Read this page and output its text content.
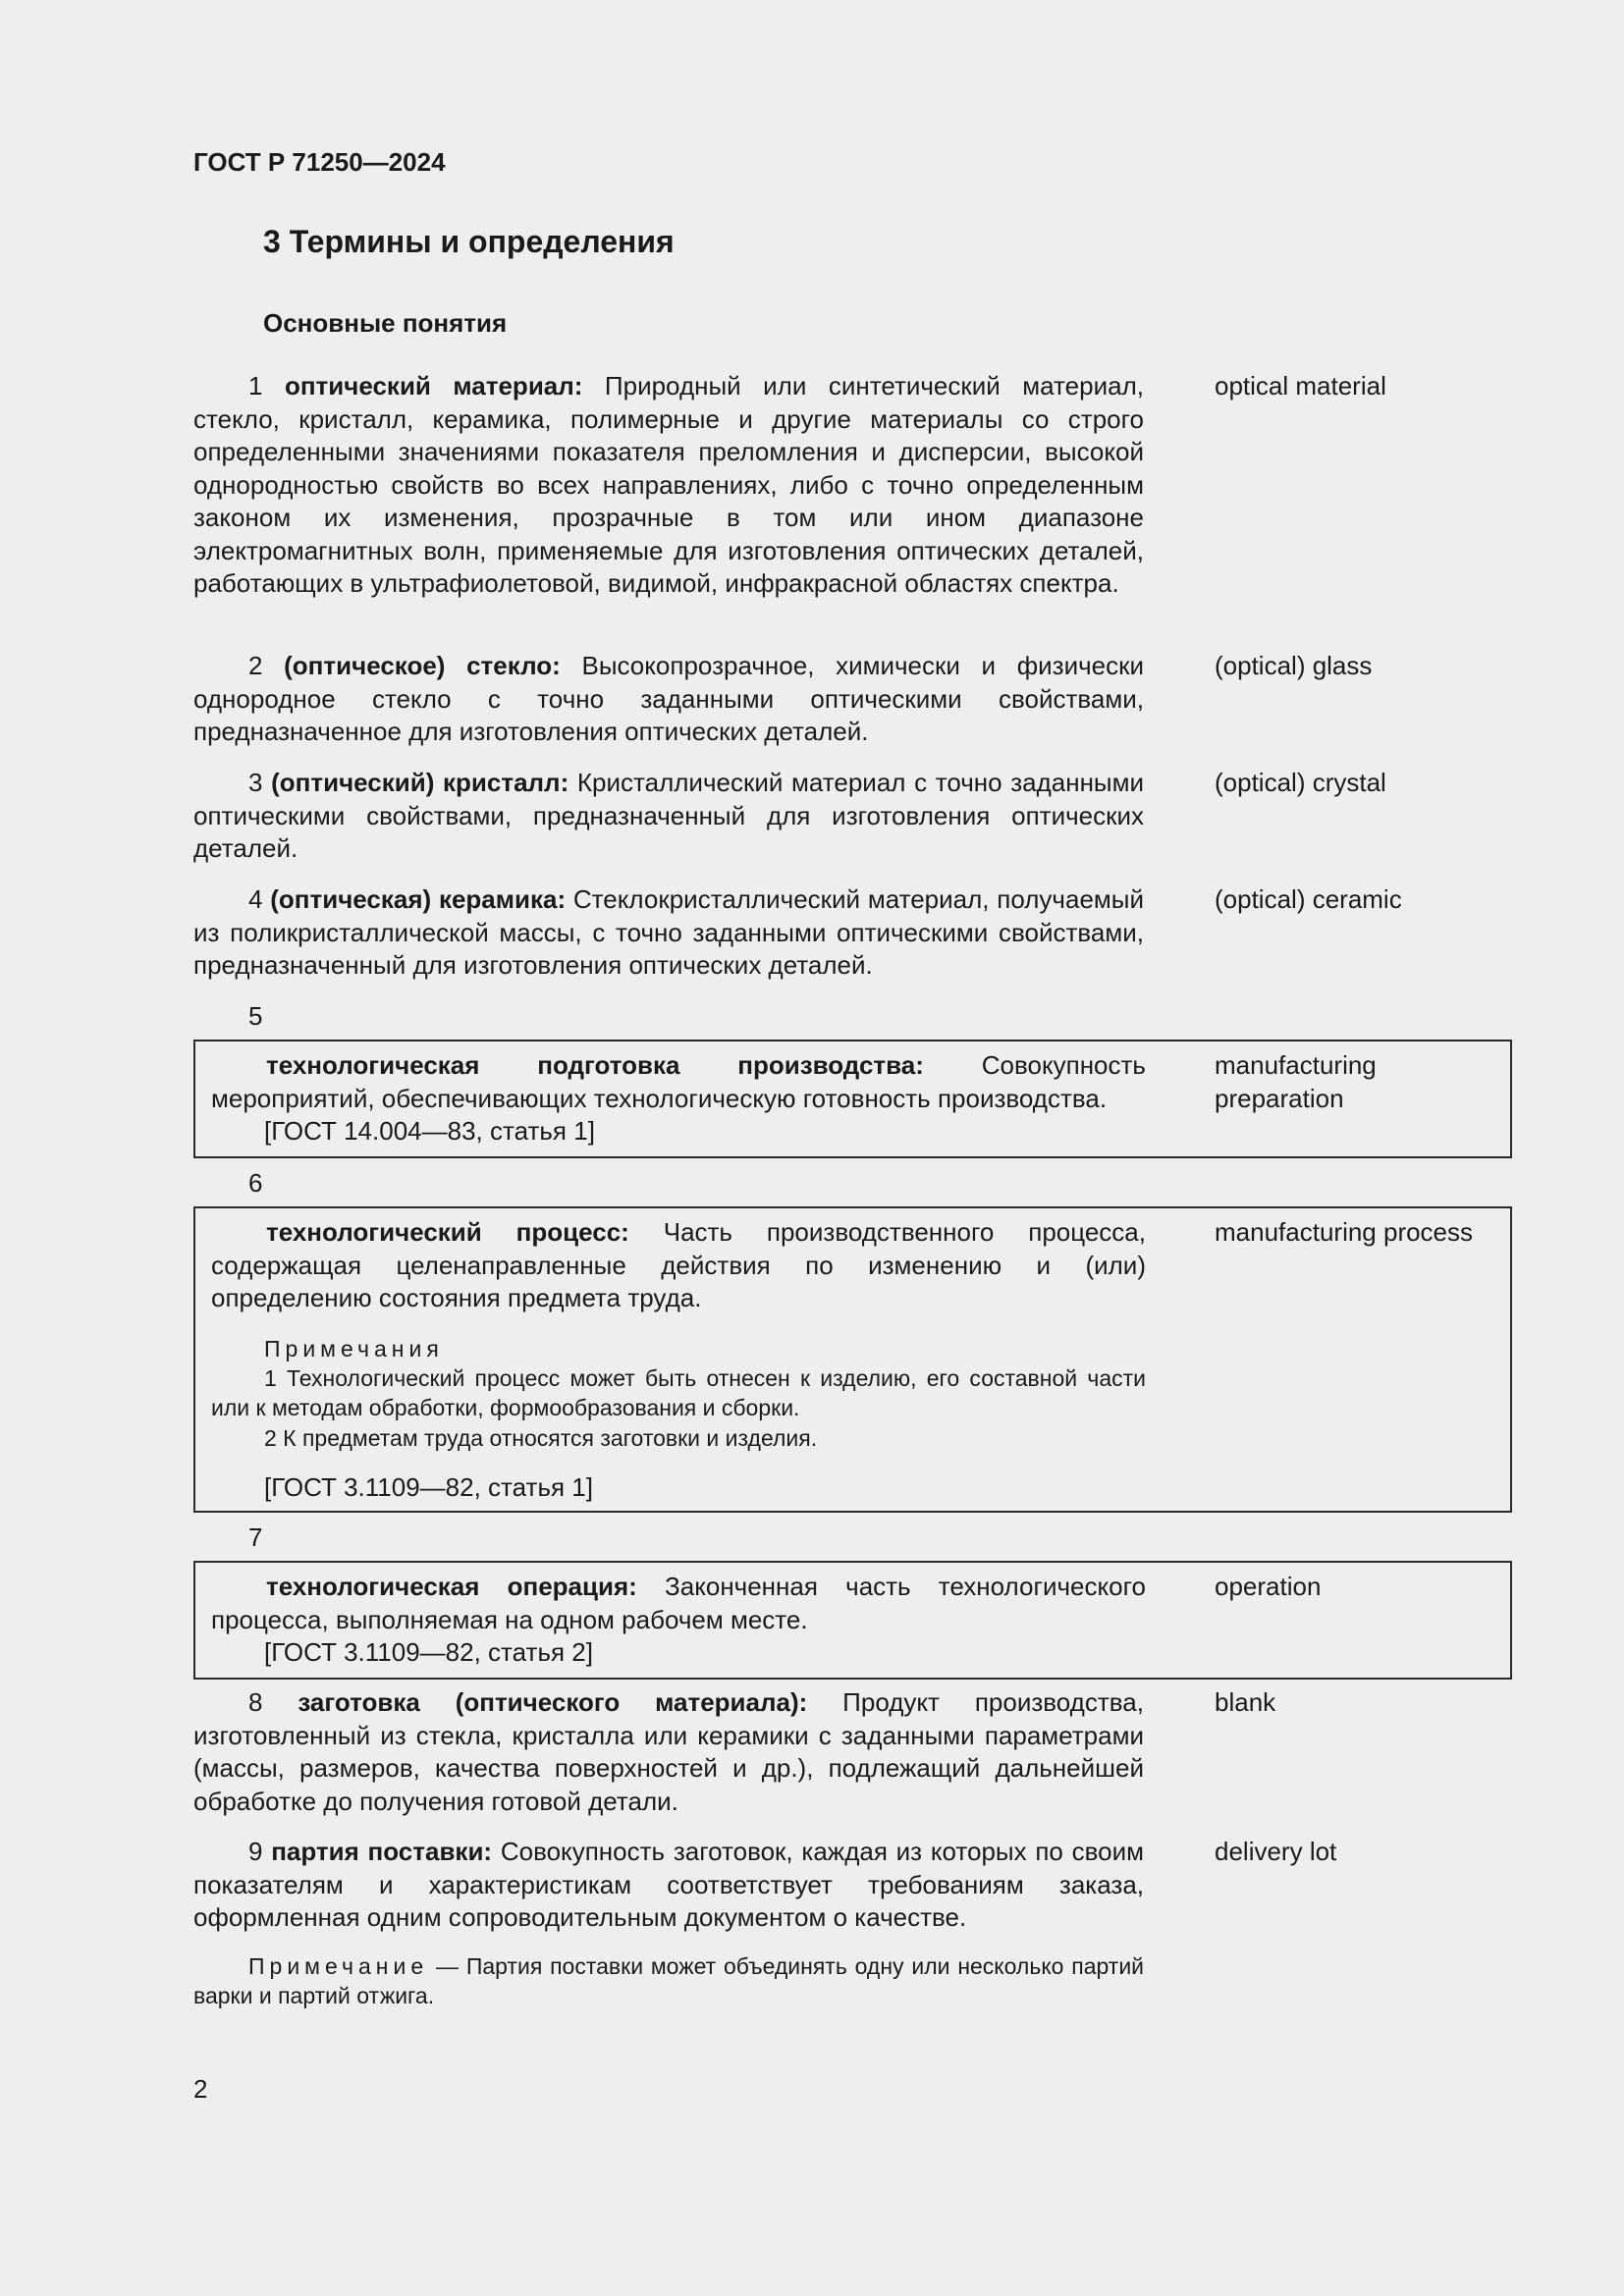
ГОСТ Р 71250—2024
3 Термины и определения
Основные понятия

1 оптический материал: Природный или синтетический материал, стекло, кристалл, керамика, полимерные и другие материалы со строго определенными значениями показателя преломления и дисперсии, высокой однородностью свойств во всех направлениях, либо с точно определенным законом их изменения, прозрачные в том или ином диапазоне электромагнитных волн, применяемые для изготовления оптических деталей, работающих в ультрафиолетовой, видимой, инфракрасной областях спектра.

optical material

2 (оптическое) стекло: Высокопрозрачное, химически и физически однородное стекло с точно заданными оптическими свойствами, предназначенное для изготовления оптических деталей.

(optical) glass

3 (оптический) кристалл: Кристаллический материал с точно заданными оптическими свойствами, предназначенный для изготовления оптических деталей.

(optical) crystal

4 (оптическая) керамика: Стеклокристаллический материал, получаемый из поликристаллической массы, с точно заданными оптическими свойствами, предназначенный для изготовления оптических деталей.

(optical) ceramic
5

технологическая подготовка производства: Совокупность мероприятий, обеспечивающих технологическую готовность производства.

[ГОСТ 14.004—83, статья 1]
manufacturing preparation
6

технологический процесс: Часть производственного процесса, содержащая целенаправленные действия по изменению и (или) определению состояния предмета труда.

Примечания

1 Технологический процесс может быть отнесен к изделию, его составной части или к методам обработки, формообразования и сборки.

2 К предметам труда относятся заготовки и изделия.

[ГОСТ 3.1109—82, статья 1]
manufacturing process
7

технологическая операция: Законченная часть технологического процесса, выполняемая на одном рабочем месте.

[ГОСТ 3.1109—82, статья 2]
operation

8 заготовка (оптического материала): Продукт производства, изготовленный из стекла, кристалла или керамики с заданными параметрами (массы, размеров, качества поверхностей и др.), подлежащий дальнейшей обработке до получения готовой детали.

blank

9 партия поставки: Совокупность заготовок, каждая из которых по своим показателям и характеристикам соответствует требованиям заказа, оформленная одним сопроводительным документом о качестве.

delivery lot

Примечание — Партия поставки может объединять одну или несколько партий варки и партий отжига.

2
